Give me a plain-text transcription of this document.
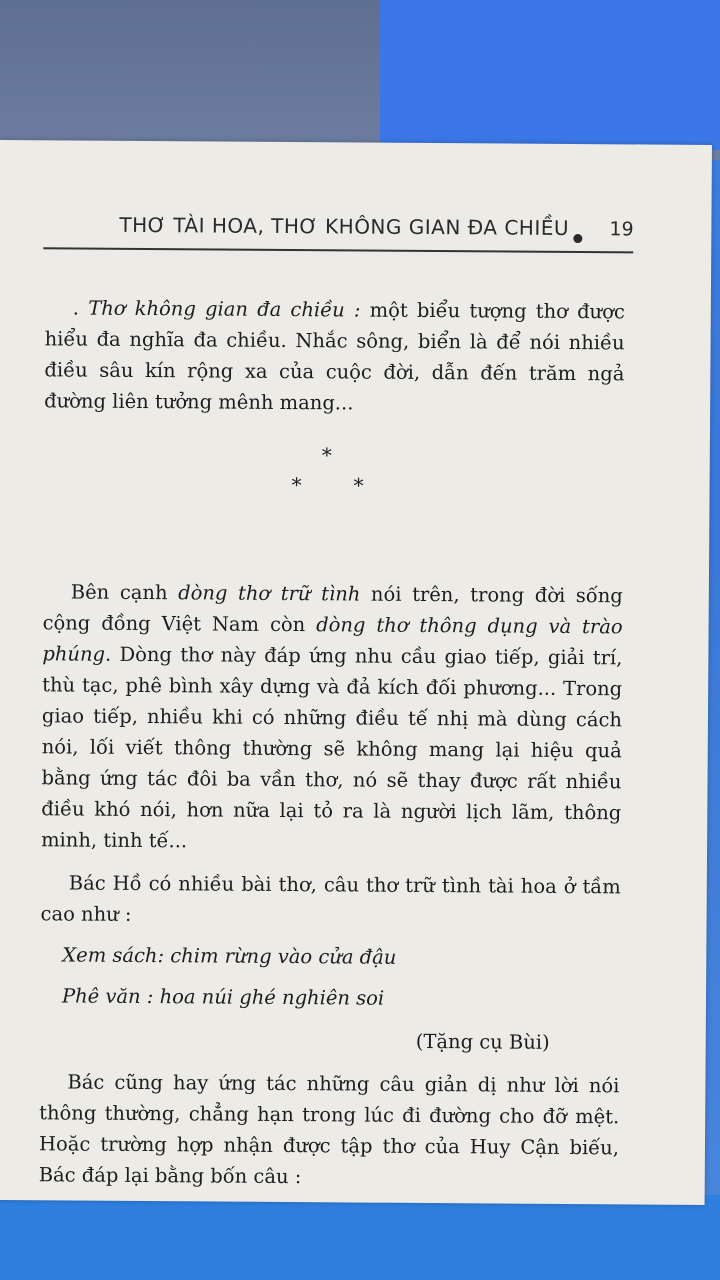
THƠ TÀI HOA, THƠ KHÔNG GIAN ĐA CHIỀU 19

. Thơ không gian đa chiều : một biểu tượng thơ được hiểu đa nghĩa đa chiều. Nhắc sông, biển là để nói nhiều điều sâu kín rộng xa của cuộc đời, dẫn đến trăm ngả đường liên tưởng mênh mang...

*
*	*

Bên cạnh dòng thơ trữ tình nói trên, trong đời sống cộng đồng Việt Nam còn dòng thơ thông dụng và trào phúng. Dòng thơ này đáp ứng nhu cầu giao tiếp, giải trí, thù tạc, phê bình xây dựng và đả kích đối phương... Trong giao tiếp, nhiều khi có những điều tế nhị mà dùng cách nói, lối viết thông thường sẽ không mang lại hiệu quả bằng ứng tác đôi ba vần thơ, nó sẽ thay được rất nhiều điều khó nói, hơn nữa lại tỏ ra là người lịch lãm, thông minh, tinh tế...

Bác Hồ có nhiều bài thơ, câu thơ trữ tình tài hoa ở tầm cao như :

Xem sách: chim rừng vào cửa đậu

Phê văn : hoa núi ghé nghiên soi

(Tặng cụ Bùi)

Bác cũng hay ứng tác những câu giản dị như lời nói thông thường, chẳng hạn trong lúc đi đường cho đỡ mệt. Hoặc trường hợp nhận được tập thơ của Huy Cận biếu, Bác đáp lại bằng bốn câu :
